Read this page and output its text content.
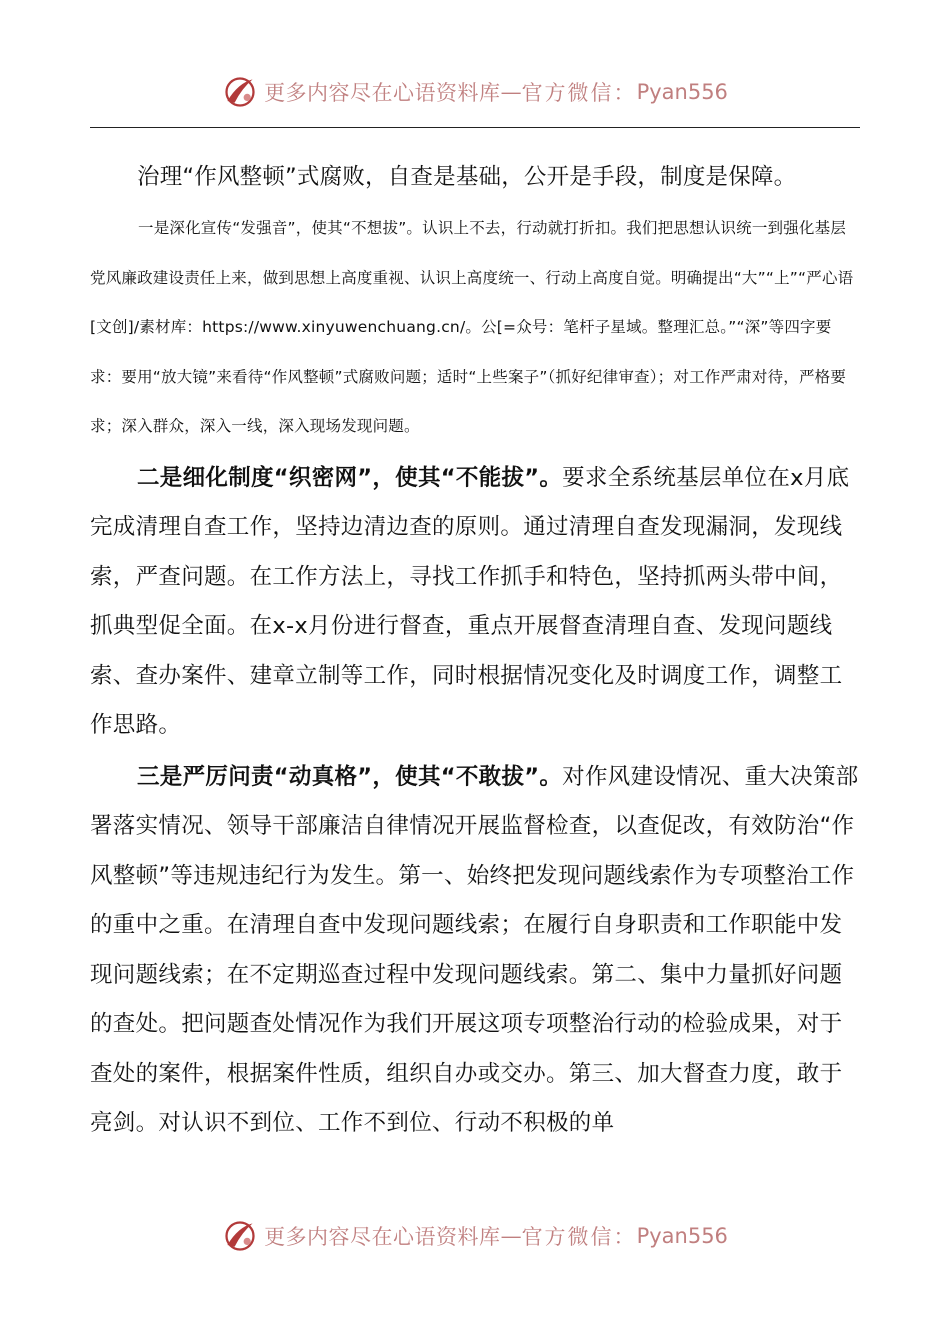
更多内容尽在心语资料库 — 官方微信： Pyan556
治理“作风整顿”式腐败，自查是基础，公开是手段，制度是保障。
一是深化宣传“发强音”，使其“不想拔”。认识上不去，行动就打折扣。我们把思想认识统一到强化基层党风廉政建设责任上来，做到思想上高度重视、认识上高度统一、行动上高度自觉。明确提出“大”“上”“严心语[文创]/素材库：https://www.xinyuwenchuang.cn/。公[=众号：笔杆子星域。整理汇总。”“深”等四字要求：要用“放大镜”来看待“作风整顿”式腐败问题；适时“上些案子”（抓好纪律审查）；对工作严肃对待，严格要求；深入群众，深入一线，深入现场发现问题。
二是细化制度“织密网”，使其“不能拔”。要求全系统基层单位在x月底完成清理自查工作，坚持边清边查的原则。通过清理自查发现漏洞，发现线索，严查问题。在工作方法上，寻找工作抓手和特色，坚持抓两头带中间，抓典型促全面。在x-x月份进行督查，重点开展督查清理自查、发现问题线索、查办案件、建章立制等工作，同时根据情况变化及时调度工作，调整工作思路。
三是严厉问责“动真格”，使其“不敢拔”。对作风建设情况、重大决策部署落实情况、领导干部廉洁自律情况开展监督检查，以查促改，有效防治“作风整顿”等违规违纪行为发生。第一、始终把发现问题线索作为专项整治工作的重中之重。在清理自查中发现问题线索；在履行自身职责和工作职能中发现问题线索；在不定期巡查过程中发现问题线索。第二、集中力量抓好问题的查处。把问题查处情况作为我们开展这项专项整治行动的检验成果，对于查处的案件，根据案件性质，组织自办或交办。第三、加大督查力度，敢于亮剑。对认识不到位、工作不到位、行动不积极的单
更多内容尽在心语资料库 — 官方微信： Pyan556
